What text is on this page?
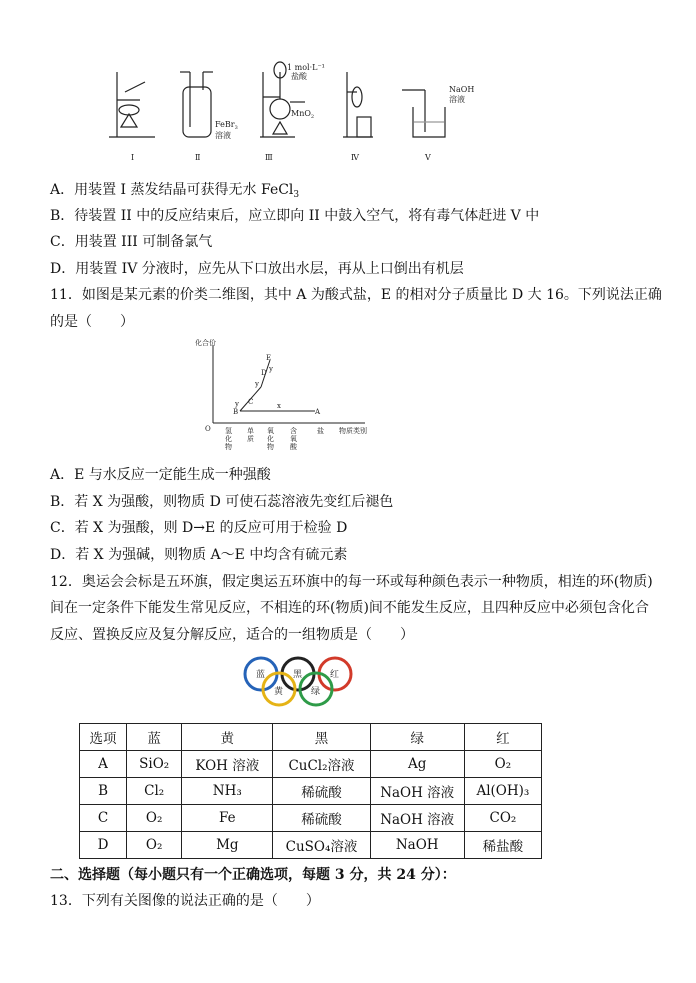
Ⅰ	Ⅱ	Ⅲ	Ⅳ	Ⅴ
FeBr$_3$
溶液
1 mol·L⁻¹
盐酸
MnO$_2$
NaOH
溶液
A．用装置 I 蒸发结晶可获得无水 FeCl$_3$
B．待装置 II 中的反应结束后，应立即向 II 中鼓入空气，将有毒气体赶进 V 中
C．用装置 III 可制备氯气
D．用装置 IV 分液时，应先从下口放出水层，再从上口倒出有机层
11．如图是某元素的价类二维图，其中 A 为酸式盐，E 的相对分子质量比 D 大 16。下列说法正确
的是（　　）
化合价
O
B
C
D
E
A
y
y
y
x
物质类别
盐
氢
化
物
单
质
氧
化
物
含
氧
酸
A．E 与水反应一定能生成一种强酸
B．若 X 为强酸，则物质 D 可使石蕊溶液先变红后褪色
C．若 X 为强酸，则 D→E 的反应可用于检验 D
D．若 X 为强碱，则物质 A～E 中均含有硫元素
12．奥运会会标是五环旗，假定奥运五环旗中的每一环或每种颜色表示一种物质，相连的环(物质)
间在一定条件下能发生常见反应，不相连的环(物质)间不能发生反应，且四种反应中必须包含化合
反应、置换反应及复分解反应，适合的一组物质是（　　）
蓝
黄
黑
绿
红
选项	蓝	黄	黑	绿	红
A	SiO₂	KOH 溶液	CuCl₂溶液	Ag	O₂
B	Cl₂	NH₃	稀硫酸	NaOH 溶液	Al(OH)₃
C	O₂	Fe	稀硫酸	NaOH 溶液	CO₂
D	O₂	Mg	CuSO₄溶液	NaOH	稀盐酸
二、选择题（每小题只有一个正确选项，每题 3 分，共 24 分）：
13．下列有关图像的说法正确的是（　　）
